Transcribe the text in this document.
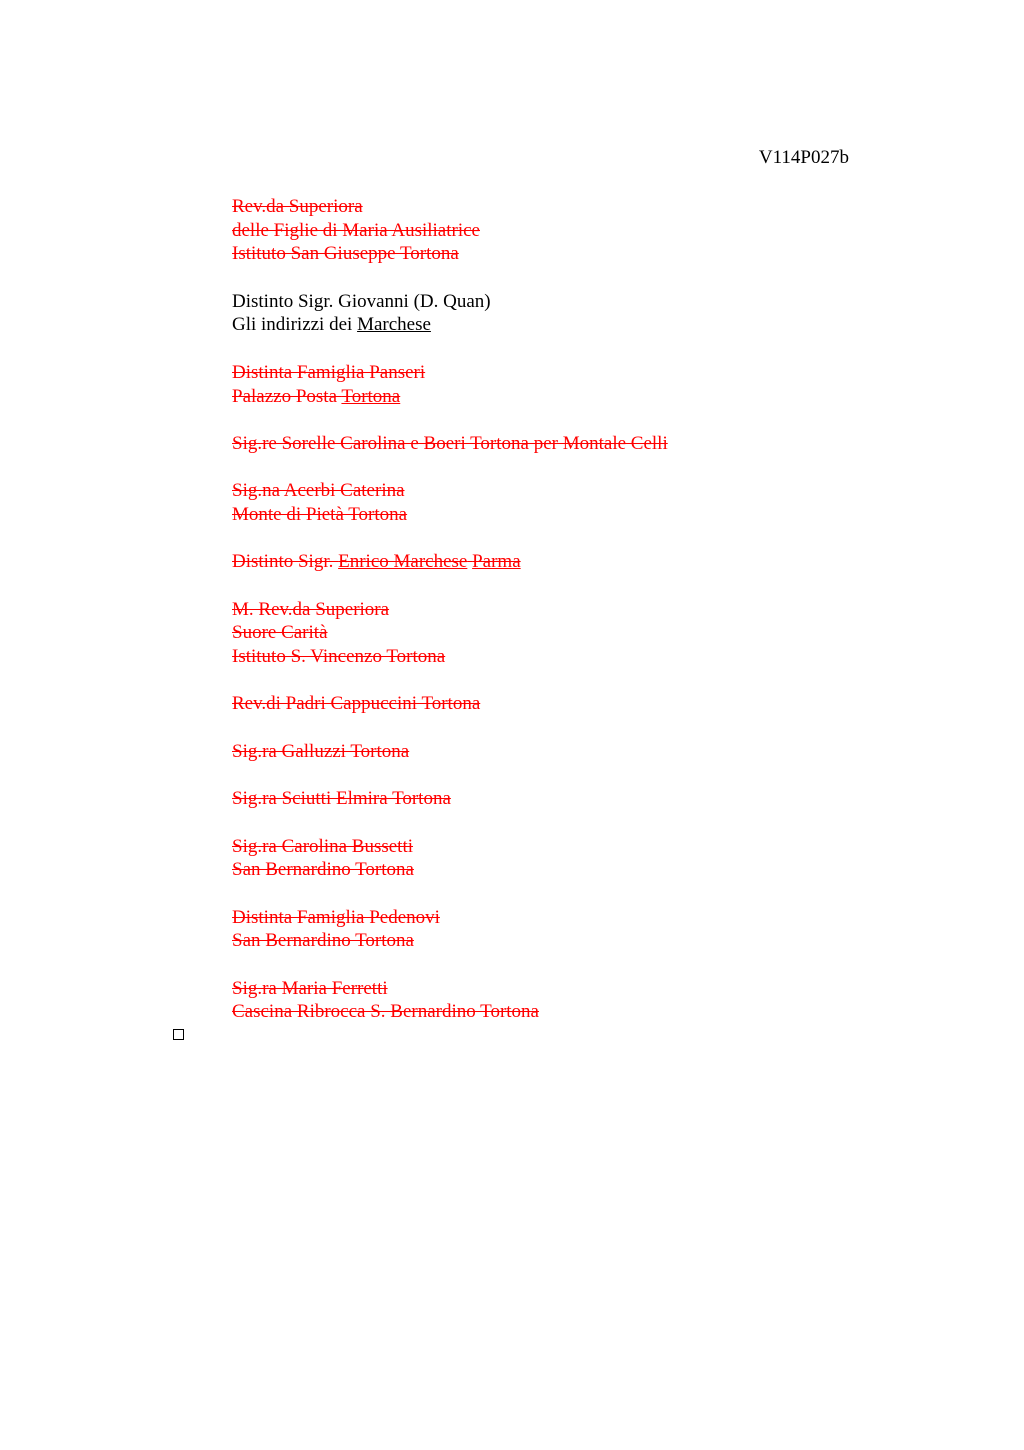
V114P027b
Rev.da Superiora
delle Figlie di Maria Ausiliatrice
Istituto San Giuseppe Tortona
Distinto Sigr. Giovanni (D. Quan)
Gli indirizzi dei Marchese
Distinta Famiglia Panseri
Palazzo Posta Tortona
Sig.re Sorelle Carolina e Boeri Tortona per Montale Celli
Sig.na Acerbi Caterina
Monte di Pietà Tortona
Distinto Sigr. Enrico Marchese Parma
M. Rev.da Superiora
Suore Carità
Istituto S. Vincenzo Tortona
Rev.di Padri Cappuccini Tortona
Sig.ra Galluzzi Tortona
Sig.ra Sciutti Elmira Tortona
Sig.ra Carolina Bussetti
San Bernardino Tortona
Distinta Famiglia Pedenovi
San Bernardino Tortona
Sig.ra Maria Ferretti
Cascina Ribrocca S. Bernardino Tortona
